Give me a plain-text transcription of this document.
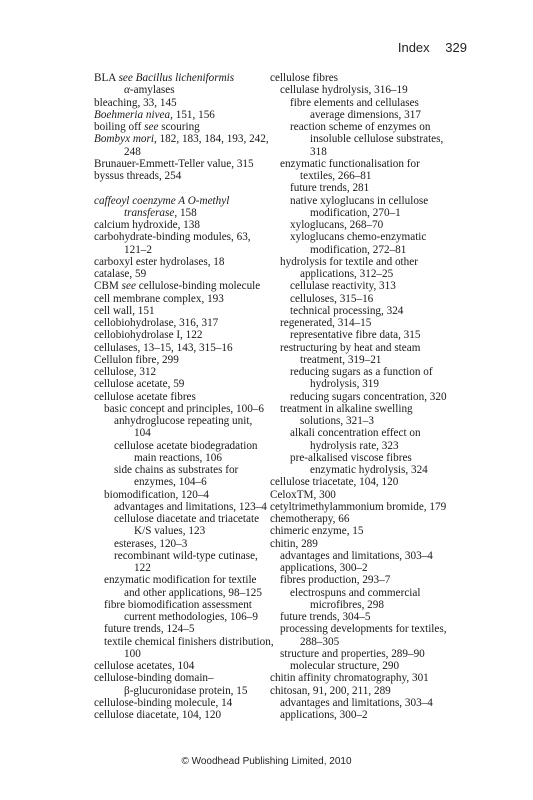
Index 329
BLA see Bacillus licheniformis
α-amylases
bleaching, 33, 145
Boehmeria nivea, 151, 156
boiling off see scouring
Bombyx mori, 182, 183, 184, 193, 242,
248
Brunauer-Emmett-Teller value, 315
byssus threads, 254
caffeoyl coenzyme A O-methyl
transferase, 158
calcium hydroxide, 138
carbohydrate-binding modules, 63,
121–2
carboxyl ester hydrolases, 18
catalase, 59
CBM see cellulose-binding molecule
cell membrane complex, 193
cell wall, 151
cellobiohydrolase, 316, 317
cellobiohydrolase I, 122
cellulases, 13–15, 143, 315–16
Cellulon fibre, 299
cellulose, 312
cellulose acetate, 59
cellulose acetate fibres
basic concept and principles, 100–6
anhydroglucose repeating unit,
104
cellulose acetate biodegradation
main reactions, 106
side chains as substrates for
enzymes, 104–6
biomodification, 120–4
advantages and limitations, 123–4
cellulose diacetate and triacetate
K/S values, 123
esterases, 120–3
recombinant wild-type cutinase,
122
enzymatic modification for textile
and other applications, 98–125
fibre biomodification assessment
current methodologies, 106–9
future trends, 124–5
textile chemical finishers distribution,
100
cellulose acetates, 104
cellulose-binding domain–
β-glucuronidase protein, 15
cellulose-binding molecule, 14
cellulose diacetate, 104, 120
cellulose fibres
cellulase hydrolysis, 316–19
fibre elements and cellulases
average dimensions, 317
reaction scheme of enzymes on
insoluble cellulose substrates,
318
enzymatic functionalisation for
textiles, 266–81
future trends, 281
native xyloglucans in cellulose
modification, 270–1
xyloglucans, 268–70
xyloglucans chemo-enzymatic
modification, 272–81
hydrolysis for textile and other
applications, 312–25
cellulase reactivity, 313
celluloses, 315–16
technical processing, 324
regenerated, 314–15
representative fibre data, 315
restructuring by heat and steam
treatment, 319–21
reducing sugars as a function of
hydrolysis, 319
reducing sugars concentration, 320
treatment in alkaline swelling
solutions, 321–3
alkali concentration effect on
hydrolysis rate, 323
pre-alkalised viscose fibres
enzymatic hydrolysis, 324
cellulose triacetate, 104, 120
CeloxTM, 300
cetyltrimethylammonium bromide, 179
chemotherapy, 66
chimeric enzyme, 15
chitin, 289
advantages and limitations, 303–4
applications, 300–2
fibres production, 293–7
electrospuns and commercial
microfibres, 298
future trends, 304–5
processing developments for textiles,
288–305
structure and properties, 289–90
molecular structure, 290
chitin affinity chromatography, 301
chitosan, 91, 200, 211, 289
advantages and limitations, 303–4
applications, 300–2
© Woodhead Publishing Limited, 2010
